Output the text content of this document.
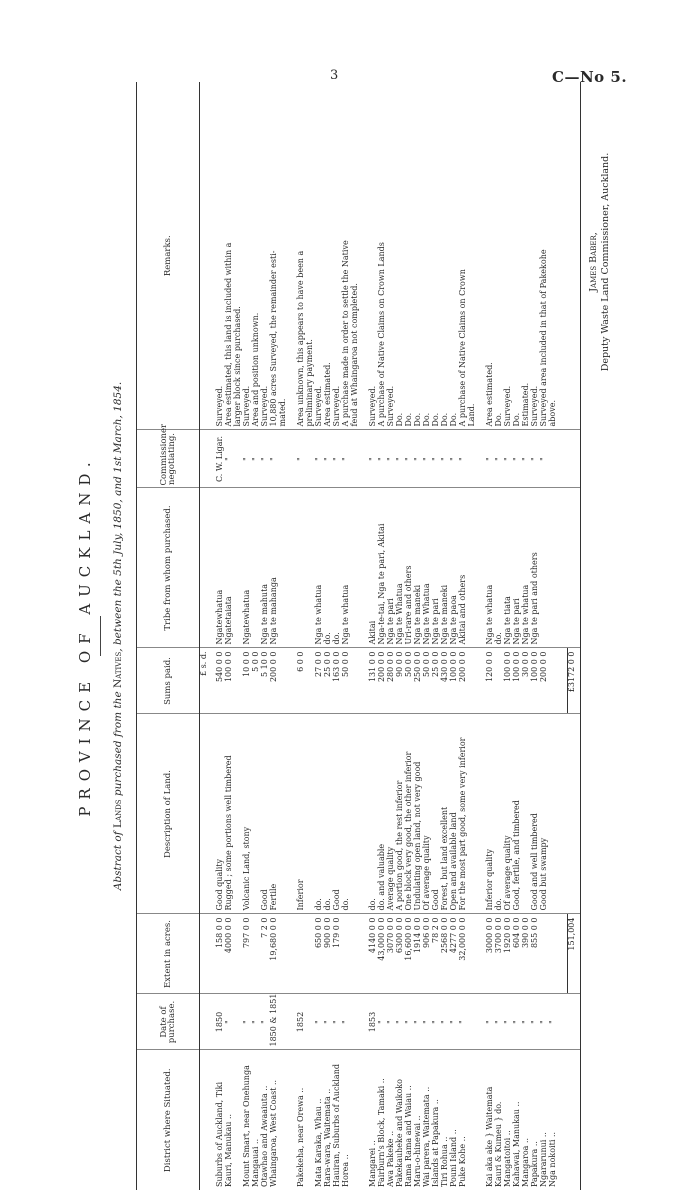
3	C—No 5.
PROVINCE OF AUCKLAND.
Abstract of Lands purchased from the Natives, between the 5th July, 1850, and 1st March, 1854.
District where Situated.	Date of purchase.	Extent in acres.	Description of Land.	Sums paid.	Tribe from whom purchased.	Commissioner negotiating.	Remarks.
				£ s. d.			
Suburbs of Auckland, Tiki	1850	158 0 0	Good quality	540 0 0	Ngatewhatua	C. W. Ligar.	Surveyed.
Kauri, Manukau ..	"	4000 0 0	Rugged ; some portions well timbered	100 0 0	Ngatetaiata	"	Area estimated, this land is included within a
							larger block since purchased.
Mount Smart, near Onehunga	"	797 0 0	Volcanic Land, stony	10 0 0	Ngatewhatua	"	Surveyed.
Mangauai ..	"			5 0 0		"	Area and position unknown.
Otawhao and Awaaiuta ..	"	7 2 0	Good	5 10 0	Nga te mahuta	"	Surveyed.
Whaingaroa, West Coast ..	1850 & 1851	19,680 0 0	Fertile	200 0 0	Nga te mahanga	"	10,880 acres Surveyed, the remainder esti-
							mated.

Pakekeha, near Orewa ..	1852		Inferior	6 0 0		"	Area unknown, this appears to have been a
							preliminary payment.
Mata Karaka, Whau ..	"	650 0 0	do.	27 0 0	Nga te whatua	"	Surveyed.
Rara-wara, Waitemata ..	"	900 0 0	do.	25 0 0	do.	"	Area estimated.
Hauiran, Suburbs of Auckland	"	179 0 0	Good	163 0 0	do.	"	Surveyed.
Horea ..	"		do.	50 0 0	Nga te whatua	"	A purchase made in order to settle the Native
							feud at Whaingaroa not completed.

Mangarei ..	1853	4140 0 0	do.	131 0 0	Akitai	"	Surveyed.
Fairburn's Block, Tamaki ..	"	43,000 0 0	do. and valuable	200 0 0	Nga-te-tai, Nga te pari, Akitai	"	A purchase of Native Claims on Crown Lands
Awa Pakeke ..	"	3070 0 0	Average quality	280 0 0	Nga te pari	"	Surveyed.
Pakekauheke and Waikoko	"	6300 0 0	A portion good, the rest inferior	90 0 0	Nga te Whatua	"	Do.
Rama Rama and Waiau ..	"	16,600 0 0	One block very good, the other inferior	50 0 0	Uri-rare and others	"	Do.
Maru-o-hinewai ..	"	1914 0 0	Undulating open land, not very good	250 0 0	Nga te maneki	"	Do.
Wai parera, Waitemata ..	"	906 0 0	Of average quality	50 0 0	Nga te Whatua	"	Do.
Islands at Papakura ..	"	78 2 0	Good	25 0 0	Nga te pari	"	Do.
Tiri Rohua ..	"	2568 0 0	Forest, but land excellent	430 0 0	Nga te maneki	"	Do.
Pouni Island ..	"	4277 0 0	Open and available land	100 0 0	Nga te paoa	"	Do.
Puke Kohe ..	"	32,000 0 0	For the most part good, some very inferior	200 0 0	Akitai and others	"	A purchase of Native Claims on Crown
							Land.

Kai aka ake } Waitemata	"	3000 0 0	Inferior quality	120 0 0	Nga te whatua	"	Area estimated.
Kauri & Kumeu } do.	"	3700 0 0	do.		do.	"	Do.
Mangatoitoi ..	"	1920 0 0	Of average quality	100 0 0	Nga te tiata	"	Surveyed.
Kahawai, Manukau ..	"	604 0 0	Good, fertile, and timbered	100 0 0	Nga te pari	"	Do.
Mangaroa ..	"	390 0 0		30 0 0	Nga te whatua	"	Estimated.
Papakura ..	"	855 0 0	Good and well timbered	100 0 0	Nga te pari and others	"	Surveyed.
Ngararunui ..	"		Good but swampy	200 0 0		"	Surveyed area included in that of Pakekohe
Nga nokoiti ..	"						above.

		151,004		£3172 0 0			
James Baber, Deputy Waste Land Commissioner, Auckland.
